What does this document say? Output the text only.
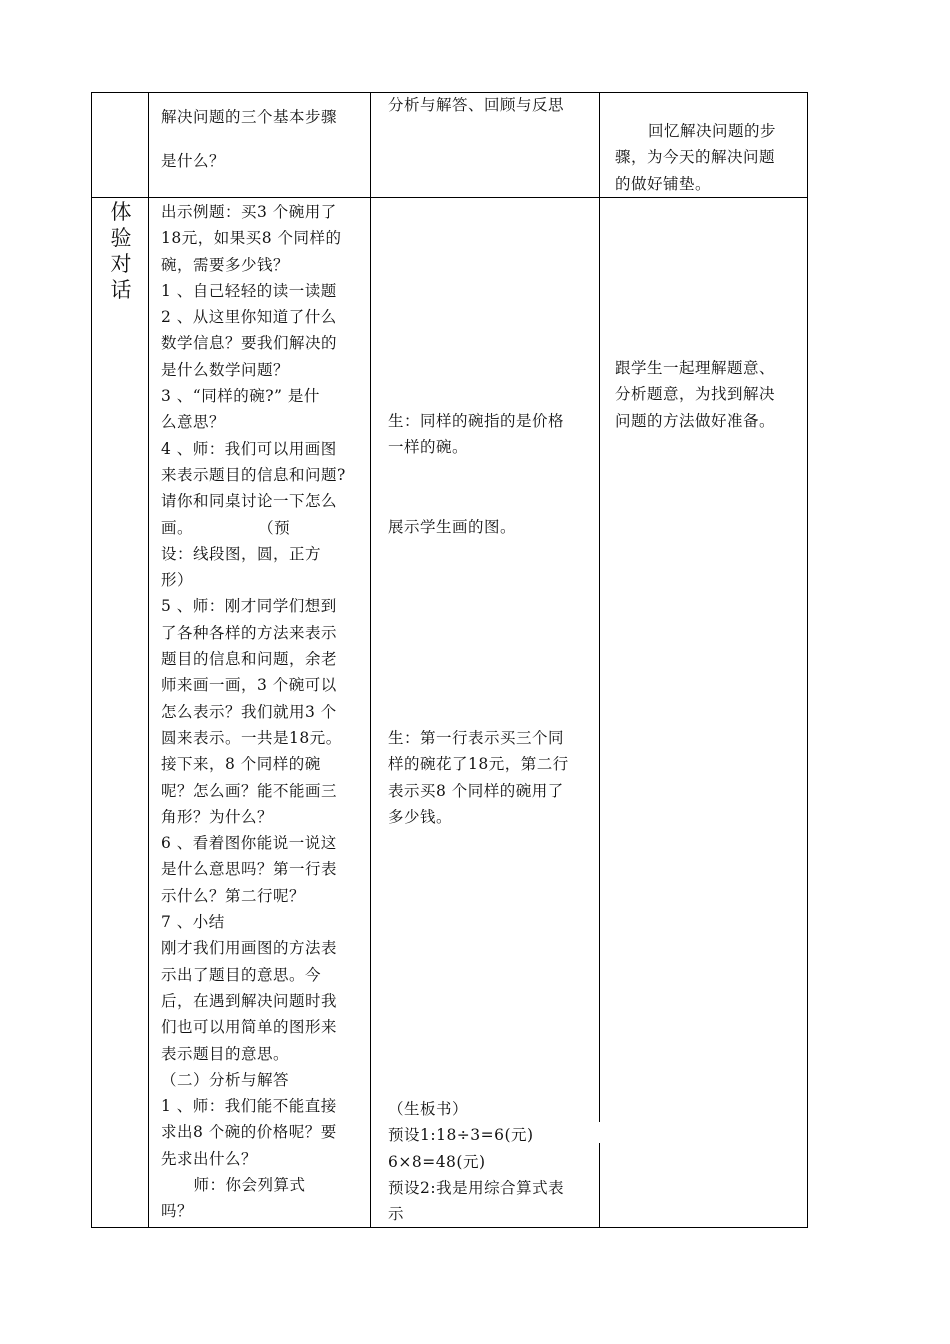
解决问题的三个基本步骤
是什么？
分析与解答、回顾与反思
回忆解决问题的步
骤，为今天的解决问题
的做好铺垫。
体
验
对
话
出示例题：买3 个碗用了
18元，如果买8 个同样的
碗，需要多少钱？
1 、自己轻轻的读一读题
2 、从这里你知道了什么
数学信息？要我们解决的
是什么数学问题？
3 、“同样的碗?” 是什
么意思？
4 、师：我们可以用画图
来表示题目的信息和问题?
请你和同桌讨论一下怎么
画。            （预
设：线段图，圆，正方
形）
5 、师：刚才同学们想到
了各种各样的方法来表示
题目的信息和问题，余老
师来画一画，3 个碗可以
怎么表示？我们就用3 个
圆来表示。一共是18元。
接下来，8 个同样的碗
呢？怎么画？能不能画三
角形？为什么？
6 、看着图你能说一说这
是什么意思吗？第一行表
示什么？第二行呢？
7 、小结
刚才我们用画图的方法表
示出了题目的意思。今
后，在遇到解决问题时我
们也可以用简单的图形来
表示题目的意思。
（二）分析与解答
1 、师：我们能不能直接
求出8 个碗的价格呢？要
先求出什么？
师：你会列算式
吗？
生：同样的碗指的是价格
一样的碗。
展示学生画的图。
生：第一行表示买三个同
样的碗花了18元，第二行
表示买8 个同样的碗用了
多少钱。
（生板书）
预设1:18÷3=6(元)
6×8=48(元)
预设2:我是用综合算式表
示
跟学生一起理解题意、
分析题意，为找到解决
问题的方法做好准备。
